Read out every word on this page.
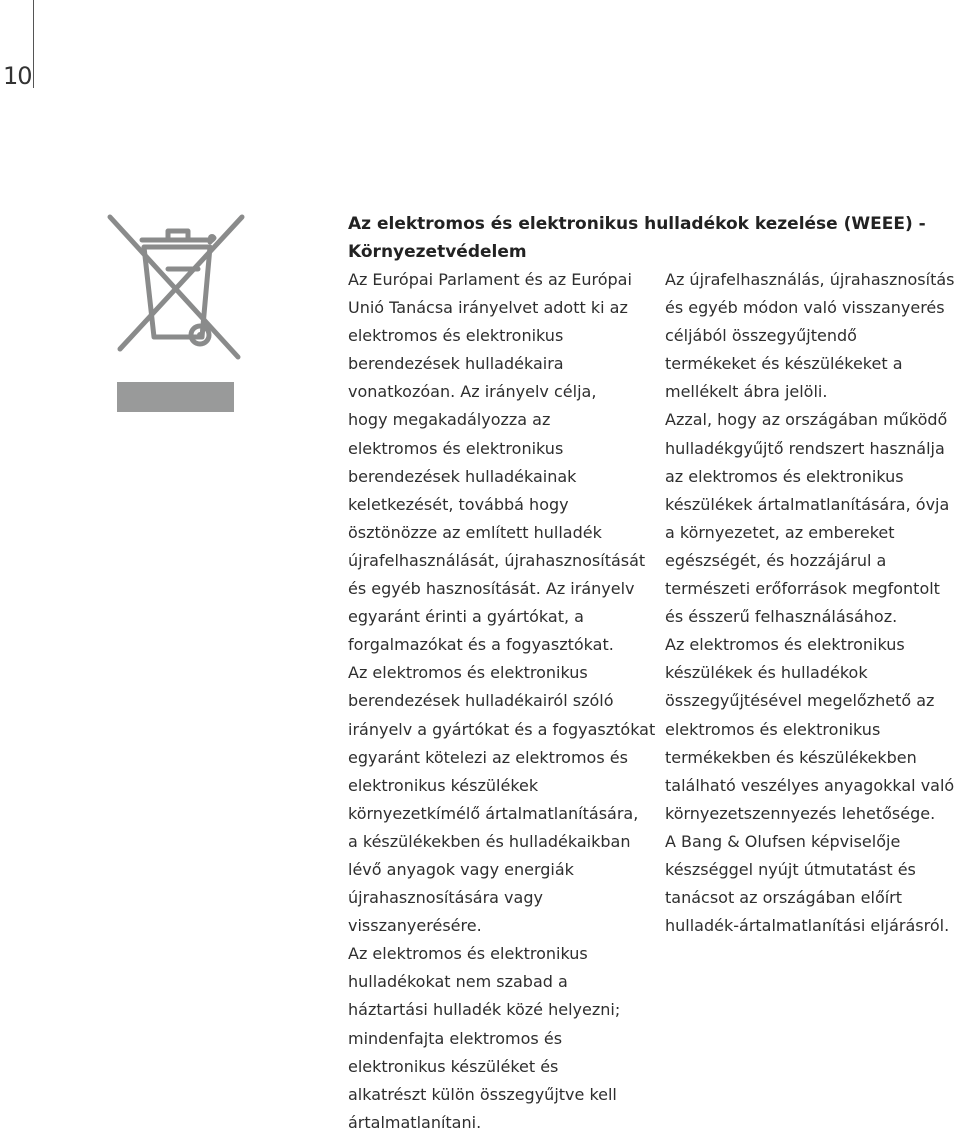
10
Az elektromos és elektronikus hulladékok kezelése (WEEE) -
Környezetvédelem

Az Európai Parlament és az Európai
Unió Tanácsa irányelvet adott ki az
elektromos és elektronikus
berendezések hulladékaira
vonatkozóan. Az irányelv célja,
hogy megakadályozza az
elektromos és elektronikus
berendezések hulladékainak
keletkezését, továbbá hogy
ösztönözze az említett hulladék
újrafelhasználását, újrahasznosítását
és egyéb hasznosítását. Az irányelv
egyaránt érinti a gyártókat, a
forgalmazókat és a fogyasztókat.

Az elektromos és elektronikus
berendezések hulladékairól szóló
irányelv a gyártókat és a fogyasztókat
egyaránt kötelezi az elektromos és
elektronikus készülékek
környezetkímélő ártalmatlanítására,
a készülékekben és hulladékaikban
lévő anyagok vagy energiák
újrahasznosítására vagy
visszanyerésére.

Az elektromos és elektronikus
hulladékokat nem szabad a
háztartási hulladék közé helyezni;
mindenfajta elektromos és
elektronikus készüléket és
alkatrészt külön összegyűjtve kell
ártalmatlanítani.

Az újrafelhasználás, újrahasznosítás
és egyéb módon való visszanyerés
céljából összegyűjtendő
termékeket és készülékeket a
mellékelt ábra jelöli.

Azzal, hogy az országában működő
hulladékgyűjtő rendszert használja
az elektromos és elektronikus
készülékek ártalmatlanítására, óvja
a környezetet, az embereket
egészségét, és hozzájárul a
természeti erőforrások megfontolt
és ésszerű felhasználásához.

Az elektromos és elektronikus
készülékek és hulladékok
összegyűjtésével megelőzhető az
elektromos és elektronikus
termékekben és készülékekben
található veszélyes anyagokkal való
környezetszennyezés lehetősége.

A Bang & Olufsen képviselője
készséggel nyújt útmutatást és
tanácsot az országában előírt
hulladék-ártalmatlanítási eljárásról.
